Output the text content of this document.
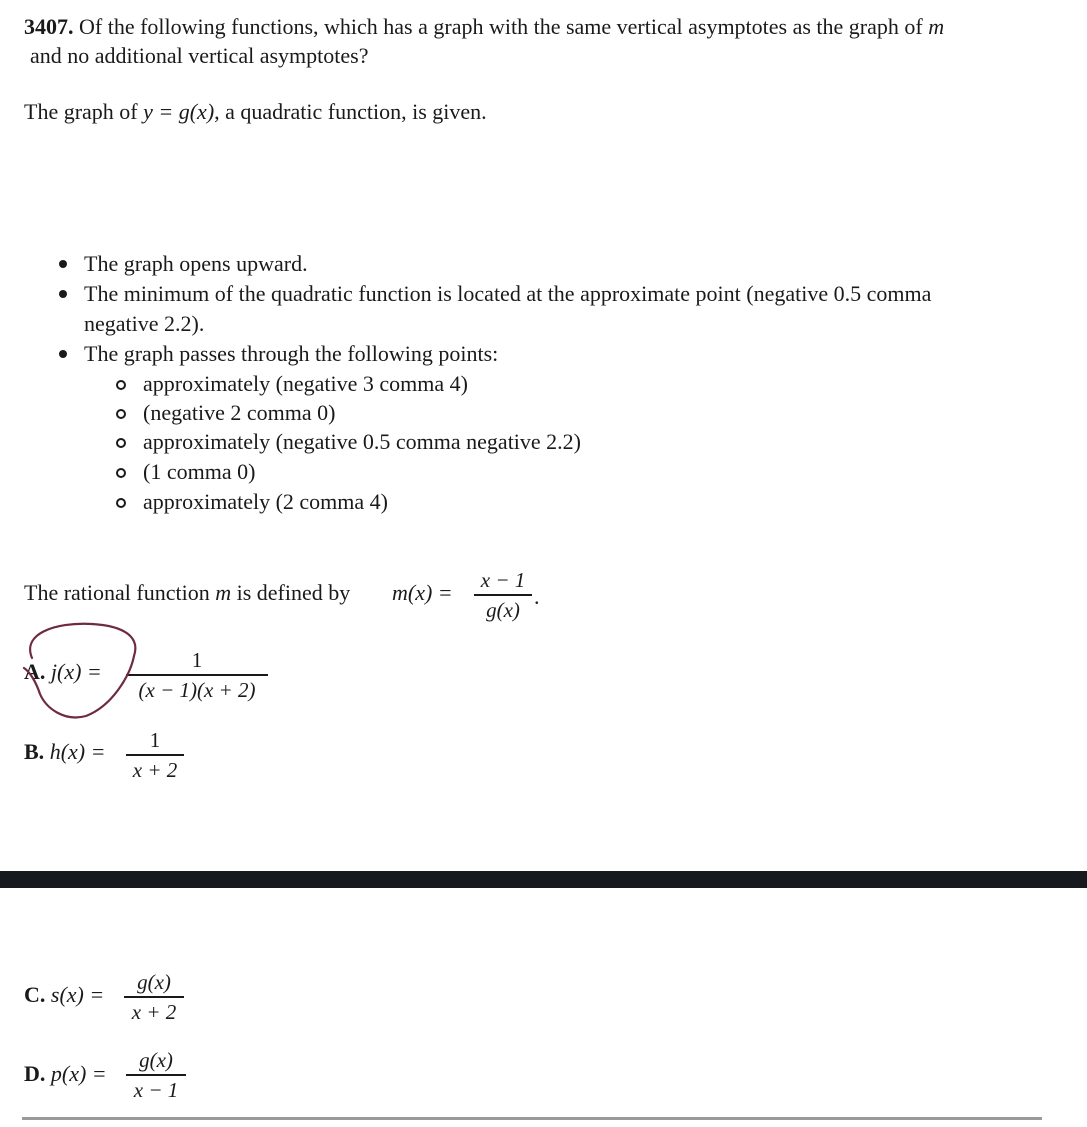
3407. Of the following functions, which has a graph with the same vertical asymptotes as the graph of m
and no additional vertical asymptotes?
The graph of y = g(x), a quadratic function, is given.
The graph opens upward.
The minimum of the quadratic function is located at the approximate point (negative 0.5 comma
negative 2.2).
The graph passes through the following points:
approximately (negative 3 comma 4)
(negative 2 comma 0)
approximately (negative 0.5 comma negative 2.2)
(1 comma 0)
approximately (2 comma 4)
The rational function m is defined by m(x) =	x − 1
g(x)
.
A. j(x) =	1
(x − 1)(x + 2)
B. h(x) =	1
x + 2
C. s(x) =	g(x)
x + 2
D. p(x) =
g(x)
x − 1
